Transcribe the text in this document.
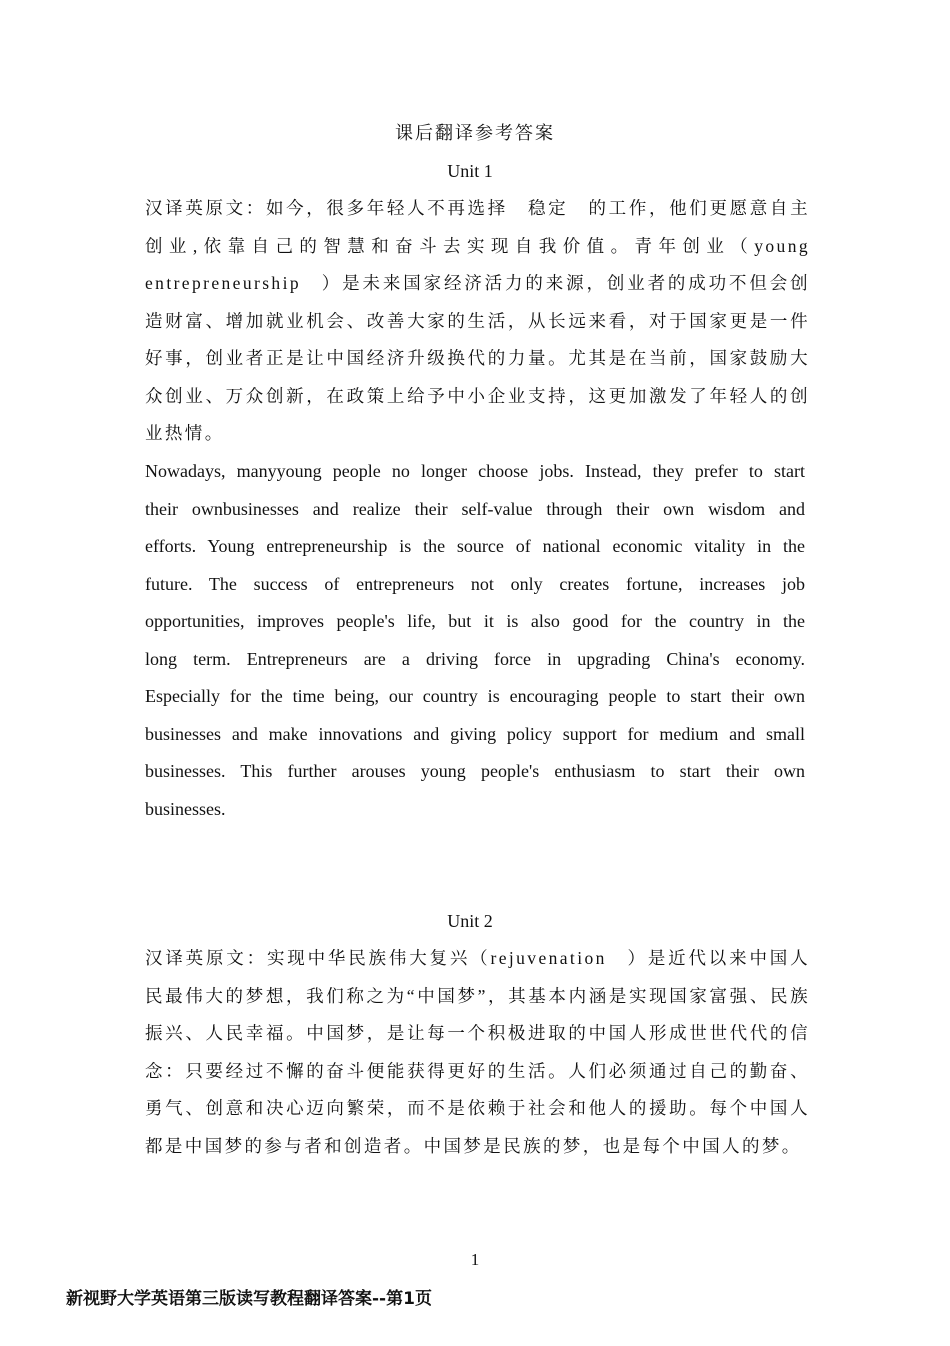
课后翻译参考答案
Unit 1
汉译英原文：如今，很多年轻人不再选择　稳定　的工作，他们更愿意自主创业,依靠自己的智慧和奋斗去实现自我价值。青年创业（young entrepreneurship　）是未来国家经济活力的来源，创业者的成功不但会创造财富、增加就业机会、改善大家的生活，从长远来看，对于国家更是一件好事，创业者正是让中国经济升级换代的力量。尤其是在当前，国家鼓励大众创业、万众创新，在政策上给予中小企业支持，这更加激发了年轻人的创业热情。
Nowadays, manyyoung people no longer choose jobs. Instead, they prefer to start their ownbusinesses and realize their self-value through their own wisdom and efforts. Young entrepreneurship is the source of national economic vitality in the future. The success of entrepreneurs not only creates fortune, increases job opportunities, improves people's life, but it is also good for the country in the long term. Entrepreneurs are a driving force in upgrading China's economy. Especially for the time being, our country is encouraging people to start their own businesses and make innovations and giving policy support for medium and small businesses. This further arouses young people's enthusiasm to start their own businesses.
Unit 2
汉译英原文：实现中华民族伟大复兴（rejuvenation　）是近代以来中国人民最伟大的梦想，我们称之为“中国梦”，其基本内涵是实现国家富强、民族振兴、人民幸福。中国梦，是让每一个积极进取的中国人形成世世代代的信念：只要经过不懈的奋斗便能获得更好的生活。人们必须通过自己的勤奋、勇气、创意和决心迈向繁荣，而不是依赖于社会和他人的援助。每个中国人都是中国梦的参与者和创造者。中国梦是民族的梦，也是每个中国人的梦。
1
新视野大学英语第三版读写教程翻译答案--第1页
